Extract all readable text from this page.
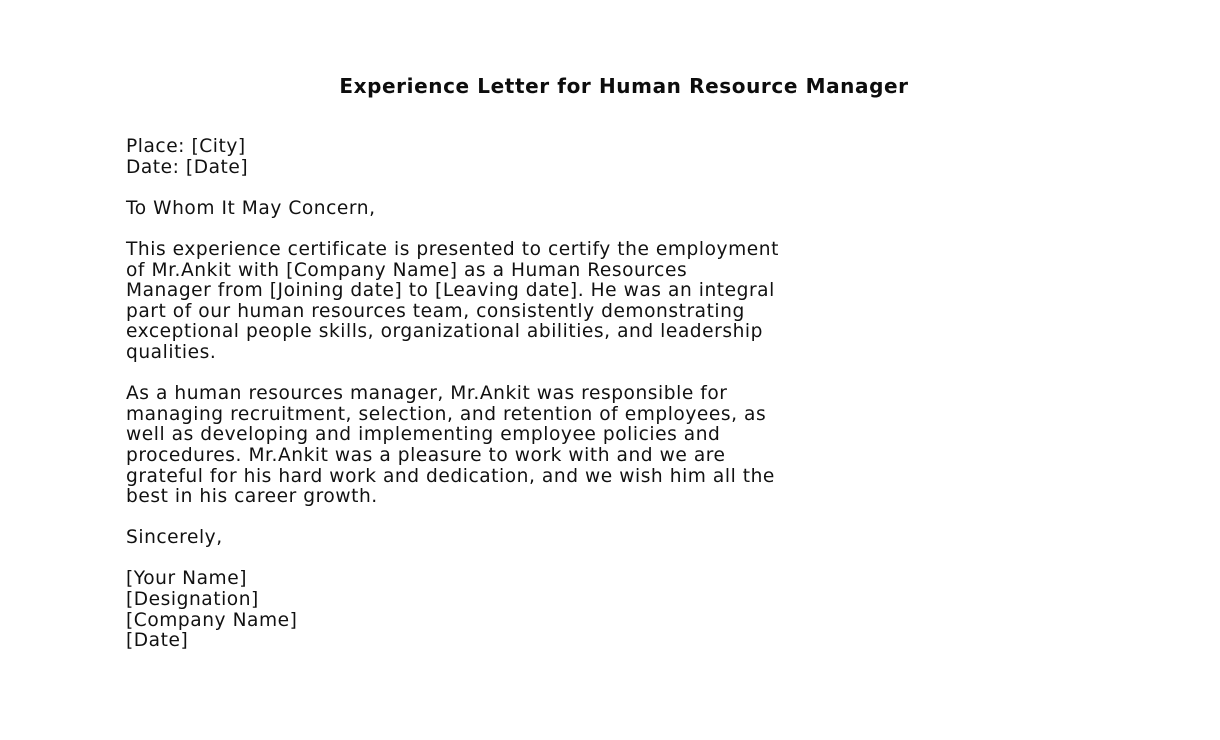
Experience Letter for Human Resource Manager
Place: [City]
Date: [Date]
To Whom It May Concern,
This experience certificate is presented to certify the employment
of Mr.Ankit with [Company Name] as a Human Resources
Manager from [Joining date] to [Leaving date]. He was an integral
part of our human resources team, consistently demonstrating
exceptional people skills, organizational abilities, and leadership
qualities.
As a human resources manager, Mr.Ankit was responsible for
managing recruitment, selection, and retention of employees, as
well as developing and implementing employee policies and
procedures. Mr.Ankit was a pleasure to work with and we are
grateful for his hard work and dedication, and we wish him all the
best in his career growth.
Sincerely,
[Your Name]
[Designation]
[Company Name]
[Date]
